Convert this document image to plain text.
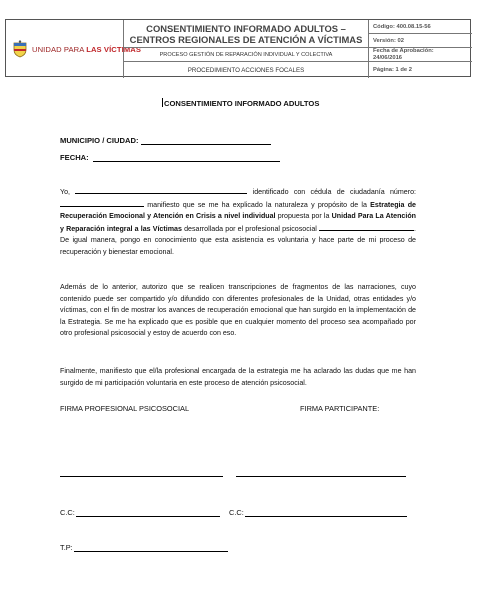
UNIDAD PARA LAS VÍCTIMAS
CONSENTIMIENTO INFORMADO ADULTOS – CENTROS REGIONALES DE ATENCIÓN A VÍCTIMAS
Código: 400.08.15-56
Versión: 02
PROCESO GESTIÓN DE REPARACIÓN INDIVIDUAL Y COLECTIVA
Fecha de Aprobación:
24/06/2016
PROCEDIMIENTO ACCIONES FOCALES	Página: 1 de 2
CONSENTIMIENTO INFORMADO ADULTOS
MUNICIPIO / CIUDAD:
FECHA:
Yo,	identificado con cédula de ciudadanía número:  manifiesto que se me ha explicado la naturaleza y propósito de la Estrategia de Recuperación Emocional y Atención en Crisis a nivel individual propuesta por la Unidad Para La Atención y Reparación integral a las Víctimas desarrollada por el profesional psicosocial	. De igual manera, pongo en conocimiento que esta asistencia es voluntaria y hace parte de mi proceso de recuperación y bienestar emocional.
Además de lo anterior, autorizo que se realicen transcripciones de fragmentos de las narraciones, cuyo contenido puede ser compartido y/o difundido con diferentes profesionales de la Unidad, otras entidades y/o víctimas, con el fin de mostrar los avances de recuperación emocional que han surgido en la implementación de la Estrategia. Se me ha explicado que es posible que en cualquier momento del proceso sea acompañado por otro profesional psicosocial y estoy de acuerdo con eso.
Finalmente, manifiesto que el/la profesional encargada de la estrategia me ha aclarado las dudas que me han surgido de mi participación voluntaria en este proceso de atención psicosocial.
FIRMA PROFESIONAL PSICOSOCIAL	FIRMA PARTICIPANTE:
C.C:	C.C:
T.P:
